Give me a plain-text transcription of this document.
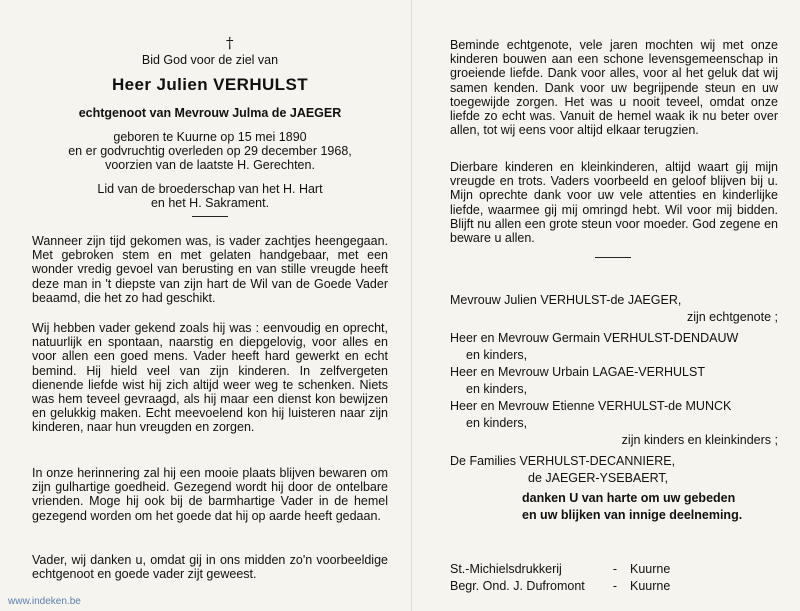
†
Bid God voor de ziel van
Heer Julien VERHULST
echtgenoot van Mevrouw Julma de JAEGER
geboren te Kuurne op 15 mei 1890
en er godvruchtig overleden op 29 december 1968,
voorzien van de laatste H. Gerechten.
Lid van de broederschap van het H. Hart
en het H. Sakrament.

Wanneer zijn tijd gekomen was, is vader zachtjes heengegaan. Met gebroken stem en met gelaten handgebaar, met een wonder vredig gevoel van berusting en van stille vreugde heeft deze man in 't diepste van zijn hart de Wil van de Goede Vader beaamd, die het zo had geschikt.

Wij hebben vader gekend zoals hij was : eenvoudig en oprecht, natuurlijk en spontaan, naarstig en diepgelovig, voor alles en voor allen een goed mens. Vader heeft hard gewerkt en echt bemind. Hij hield veel van zijn kinderen. In zelfvergeten dienende liefde wist hij zich altijd weer weg te schenken. Niets was hem teveel gevraagd, als hij maar een dienst kon bewijzen en gelukkig maken. Echt meevoelend kon hij luisteren naar zijn kinderen, naar hun vreugden en zorgen.

In onze herinnering zal hij een mooie plaats blijven bewaren om zijn gulhartige goedheid. Gezegend wordt hij door de ontelbare vrienden. Moge hij ook bij de barmhartige Vader in de hemel gezegend worden om het goede dat hij op aarde heeft gedaan.

Vader, wij danken u, omdat gij in ons midden zo'n voorbeeldige echtgenoot en goede vader zijt geweest.

Beminde echtgenote, vele jaren mochten wij met onze kinderen bouwen aan een schone levensgemeenschap in groeiende liefde. Dank voor alles, voor al het geluk dat wij samen kenden. Dank voor uw begrijpende steun en uw toegewijde zorgen. Het was u nooit teveel, omdat onze liefde zo echt was. Vanuit de hemel waak ik nu beter over allen, tot wij eens voor altijd elkaar terugzien.

Dierbare kinderen en kleinkinderen, altijd waart gij mijn vreugde en trots. Vaders voorbeeld en geloof blijven bij u. Mijn oprechte dank voor uw vele attenties en kinderlijke liefde, waarmee gij mij omringd hebt. Wil voor mij bidden. Blijft nu allen een grote steun voor moeder. God zegene en beware u allen.

Mevrouw Julien VERHULST-de JAEGER,
zijn echtgenote ;
Heer en Mevrouw Germain VERHULST-DENDAUW
en kinders,
Heer en Mevrouw Urbain LAGAE-VERHULST
en kinders,
Heer en Mevrouw Etienne VERHULST-de MUNCK
en kinders,
zijn kinders en kleinkinders ;
De Families VERHULST-DECANNIERE,
de JAEGER-YSEBAERT,
danken U van harte om uw gebeden
en uw blijken van innige deelneming.
St.-Michielsdrukkerij	- Kuurne
Begr. Ond. J. Dufromont - Kuurne
www.indeken.be
